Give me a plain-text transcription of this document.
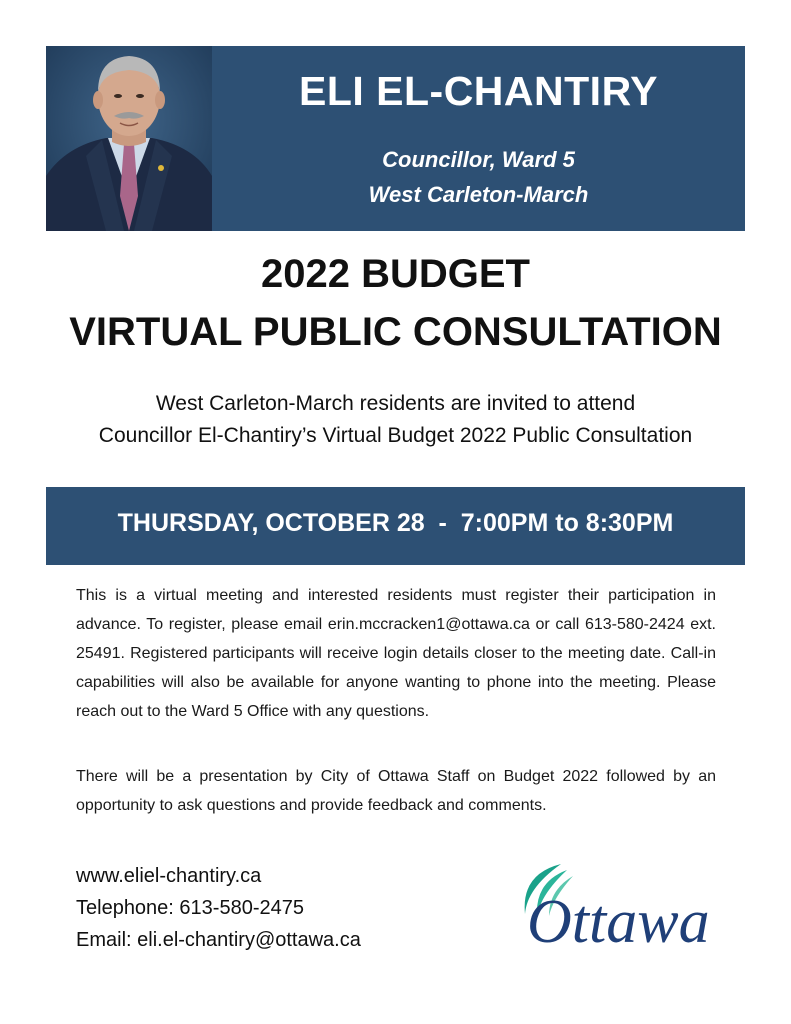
ELI EL-CHANTIRY
Councillor, Ward 5
West Carleton-March
2022 BUDGET
VIRTUAL PUBLIC CONSULTATION
West Carleton-March residents are invited to attend
Councillor El-Chantiry’s Virtual Budget 2022 Public Consultation
THURSDAY, OCTOBER 28  -  7:00PM to 8:30PM
This is a virtual meeting and interested residents must register their participation in advance. To register, please email erin.mccracken1@ottawa.ca or call 613-580-2424 ext. 25491. Registered participants will receive login details closer to the meeting date. Call-in capabilities will also be available for anyone wanting to phone into the meeting. Please reach out to the Ward 5 Office with any questions.
There will be a presentation by City of Ottawa Staff on Budget 2022 followed by an opportunity to ask questions and provide feedback and comments.
www.eliel-chantiry.ca
Telephone: 613-580-2475
Email: eli.el-chantiry@ottawa.ca	Ottawa
